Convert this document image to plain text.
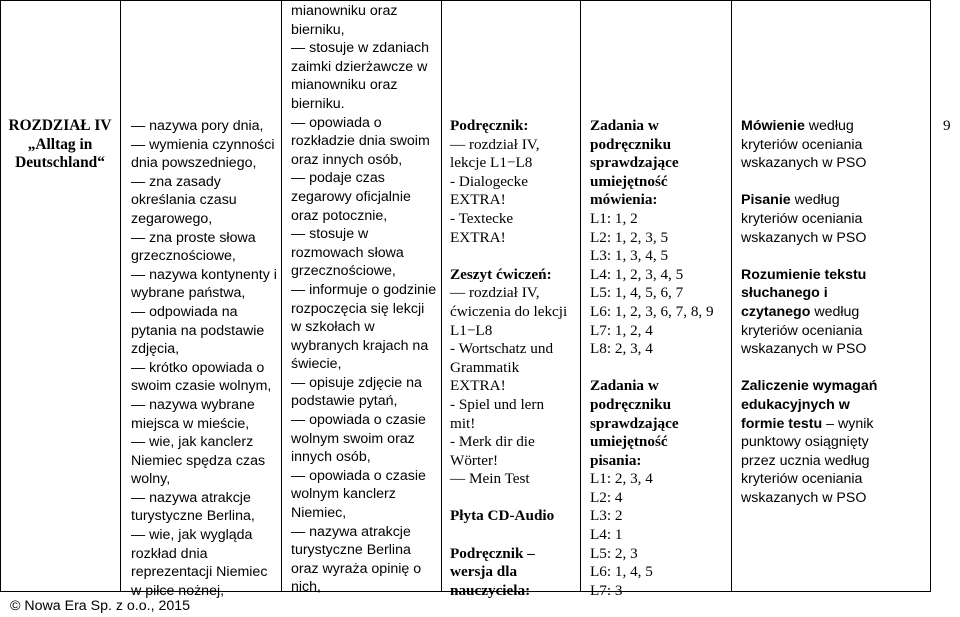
ROZDZIAŁ IV
„Alltag in
Deutschland“
— nazywa pory dnia,
— wymienia czynności
dnia powszedniego,
— zna zasady
określania czasu
zegarowego,
— zna proste słowa
grzecznościowe,
— nazywa kontynenty i
wybrane państwa,
— odpowiada na
pytania na podstawie
zdjęcia,
— krótko opowiada o
swoim czasie wolnym,
— nazywa wybrane
miejsca w mieście,
— wie, jak kanclerz
Niemiec spędza czas
wolny,
— nazywa atrakcje
turystyczne Berlina,
— wie, jak wygląda
rozkład dnia
reprezentacji Niemiec
w piłce nożnej,
mianowniku oraz
bierniku,
— stosuje w zdaniach
zaimki dzierżawcze w
mianowniku oraz
bierniku.
— opowiada o
rozkładzie dnia swoim
oraz innych osób,
— podaje czas
zegarowy oficjalnie
oraz potocznie,
— stosuje w
rozmowach słowa
grzecznościowe,
— informuje o godzinie
rozpoczęcia się lekcji
w szkołach w
wybranych krajach na
świecie,
— opisuje zdjęcie na
podstawie pytań,
— opowiada o czasie
wolnym swoim oraz
innych osób,
— opowiada o czasie
wolnym kanclerz
Niemiec,
— nazywa atrakcje
turystyczne Berlina
oraz wyraża opinię o
nich,
Podręcznik:
— rozdział IV,
lekcje L1−L8
- Dialogecke
EXTRA!
- Textecke
EXTRA!
Zeszyt ćwiczeń:
— rozdział IV,
ćwiczenia do lekcji
L1−L8
- Wortschatz und
Grammatik
EXTRA!
- Spiel und lern
mit!
- Merk dir die
Wörter!
— Mein Test
Płyta CD-Audio
Podręcznik –
wersja dla
nauczyciela:
Zadania w
podręczniku
sprawdzające
umiejętność
mówienia:
L1: 1, 2
L2: 1, 2, 3, 5
L3: 1, 3, 4, 5
L4: 1, 2, 3, 4, 5
L5: 1, 4, 5, 6, 7
L6: 1, 2, 3, 6, 7, 8, 9
L7: 1, 2, 4
L8: 2, 3, 4
Zadania w
podręczniku
sprawdzające
umiejętność
pisania:
L1: 2, 3, 4
L2: 4
L3: 2
L4: 1
L5: 2, 3
L6: 1, 4, 5
L7: 3
Mówienie według
kryteriów oceniania
wskazanych w PSO
Pisanie według
kryteriów oceniania
wskazanych w PSO
Rozumienie tekstu
słuchanego i
czytanego według
kryteriów oceniania
wskazanych w PSO
Zaliczenie wymagań
edukacyjnych w
formie testu – wynik
punktowy osiągnięty
przez ucznia według
kryteriów oceniania
wskazanych w PSO
9
© Nowa Era Sp. z o.o., 2015
